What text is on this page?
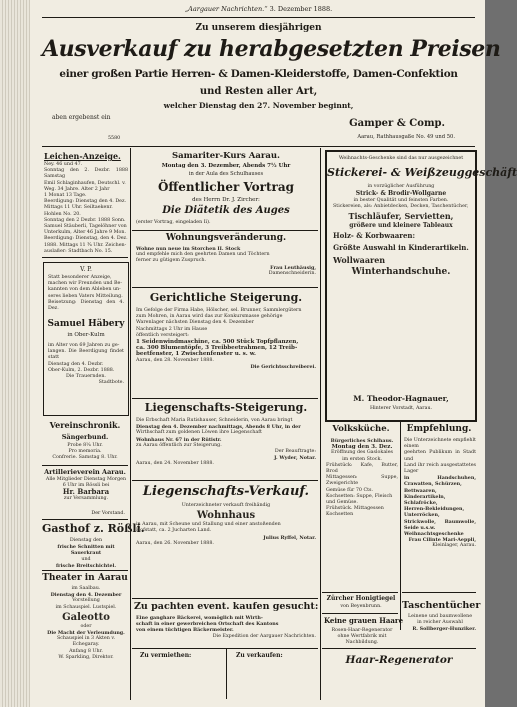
„Aargauer Nachrichten.“ 3. Dezember 1888.
Zu unserem diesjährigen
Ausverkauf zu herabgesetzten Preisen
einer großen Partie Herren- & Damen-Kleiderstoffe, Damen-Confektion
und Resten aller Art,
welcher Dienstag den 27. November beginnt,
aben ergebenst ein
Gamper & Comp.
Aarau, Rathhausgaße No. 49 und 50.
5580
Leichen-Anzeige.
Ney. 46 und 47.
Sonntag den 2. Dezbr. 1888 Samstag
Emil Schlaginhaufen, Deutschl. v.
Weg. 34 Jahre. Alter 2 Jahr
1 Monat 13 Tage.
Beerdigung: Dienstag den 4. Dez.
Mittags 11 Uhr. Seiltaekenr.
Hohlen No. 20.
Sonntag den 2 Dezbr. 1888 Sonn.
Samuel Stäuberli, Tagelöhner von
Unterkulm, Alter 46 Jahre 9 Mon.
Beerdigung: Dienstag, den 4. Dez.
1888. Mittags 11 ¾ Uhr. Zeichen-
auslaßer: Stadtbach No. 15.
V. P.
Statt besonderer Anzeige,
machen wir Freunden und Be-
kannten von dem Ableben un-
seres lieben Vaters Mitteilung.
Beisetzung: Dienstag den 4. Dez.
Samuel Häbery
in Ober-Kulm
im Alter von 69 Jahren zu ge-
langen. Die Beerdigung findet statt
Dienstag den 4. Dezbr.
Ober-Kulm, 2. Dezbr. 1888.
Die Trauernden.
Stadtbote.
Vereinschronik.
Sängerbund.
Probe 8¼ Uhr.
Pro memoria.
Confrerie. Samstag 8. Uhr.
Artillerieverein Aarau.
Alle Mitglieder Dienstag Morgen
6 Uhr im Rössli bei
Hr. Barbara
zur Versammlung.
Der Vorstand.
Gasthof z. Rößli.
Dienstag den
frische Schnitten mit Sauerkraut
und
frische Breitschichtel.
Theater in Aarau
im Saalbau.
Dienstag den 4. Dezember
Vorstellung
im Schauspiel. Lustspiel.
Galeotto
oder
Die Macht der Verleumdung.
Schauspiel in 3 Akten v. Echegaray.
Anfang 8 Uhr.
W. Sparkling, Direktor.
Samariter-Kurs Aarau.
Montag den 3. Dezember, Abends 7½ Uhr
in der Aula des Schulhauses
Öffentlicher Vortrag
des Herrn Dr. J. Zircher:
Die Diätetik des Auges
(erster Vortrag, eingeladen Ii).
Wohnungsveränderung.
Wohne nun neue im Storchen II. Stock
und empfehle mich den geehrten Damen und Töchtern
ferner zu gütigem Zuspruch.
Frau Leuthäusig,
Damenschneiderin.
Gerichtliche Steigerung.
Im Gefolge der Firma Habe, Hölscher, sel. Brunner, Sammlergütern
zum Mohren, in Aarau wird das zur Konkursmasse gehörige
Warenlager nächsten Dienstag den 4. Dezember
Nachmittags 2 Uhr im Hause
öffentlich versteigert:
1 Seidenwindmaschine, ca. 500 Stück Topfpflanzen,
ca. 300 Blumentöpfe, 3 Treibbeetrahmen, 12 Treib-
beetfenster, 1 Zwischenfenster u. s. w.
Aarau, den 28. November 1888.
Die Gerichtsschreiberei.
Liegenschafts-Steigerung.
Die Erbschaft Maria Rutishauser, Schneiderin, von Aarau bringt
Dienstag den 4. Dezember nachmittags, Abends 8 Uhr, in der
Wirthschaft zum goldenen Löwen ihre Liegenschaft
Wohnhaus Nr. 67 in der Rütistr.
zu Aarau öffentlich zur Steigerung.
Der Beauftragte:
J. Wyder, Notar.
Aarau, den 24. November 1888.
Liegenschafts-Verkauf.
Unterzeichneter verkauft freihändig
Wohnhaus
in Aarau, mit Scheune und Stallung und einer anstoßenden
Hofstatt, ca. 2 Jucharten Land.
Julius Ryffel, Notar.
Aarau, den 26. November 1888.
Zu pachten event. kaufen gesucht:
Eine ganghare Bäckerei, womöglich mit Wirth-
schaft in einer gewerbreichen Ortschaft des Kantons
von einem tüchtigen Bäckermeister.
Die Expedition der Aargauer Nachrichten.
Zu vermiethen:	Zu verkaufen:
Weihnachts-Geschenke sind das nur ausgezeichnet
Stickerei- & Weißzeuggeschäft
in vorzüglicher Ausführung
Strick- & Brodir-Wollgarne
in bester Qualität und feinsten Farben.
Stickereien, als: Anbietdecken, Decken, Taschentücher,
Tischläufer, Servietten,
größere und kleinere Tableaux
Holz- & Korbwaaren:
Größte Auswahl in Kinderartikeln.
Wollwaaren
Winterhandschuhe.
M. Theodor-Hagnauer,
Hinterer Vorstadt, Aarau.
Volksküche.
Bürgerliches Schlhaus.
Montag den 3. Dez.
Eröffnung des Gaslokales
im ersten Stock.
Frühstück: Kafe, Butter, Brod
Mittagessen: Suppe, Zweigerichte
Gemüse für 70 Cts.
Kochsetten: Suppe, Fleisch
und Gemüse.
Frühstück. Mittagessen
Kochsetten
Empfehlung.
Die Unterzeichnete empfiehlt einem
geehrten Publikum in Stadt und
Land ihr reich ausgestattetes Lager
in Handschuhen, Crawatten, Schürzen,
Bettwaaren, Kinderartikeln, Schlafröcke,
Herren-Bekleidungen, Unterröcken,
Strickwolle, Baumwolle, Seide u.s.w.
Weihnachtsgeschenke
Frau Cilinte Mari-Aeppli,
Kleinlager, Aarau.
Zürcher Honigtiegel
von Beyenbrunn.
Keine grauen Haare
Rosen-Haar-Regenerator
ohne Wertfabrik mit Nachbildung.
Taschentücher
Leinene und baumwollene
in reicher Auswahl
R. Sollberger-Hunziker.
Haar-Regenerator
